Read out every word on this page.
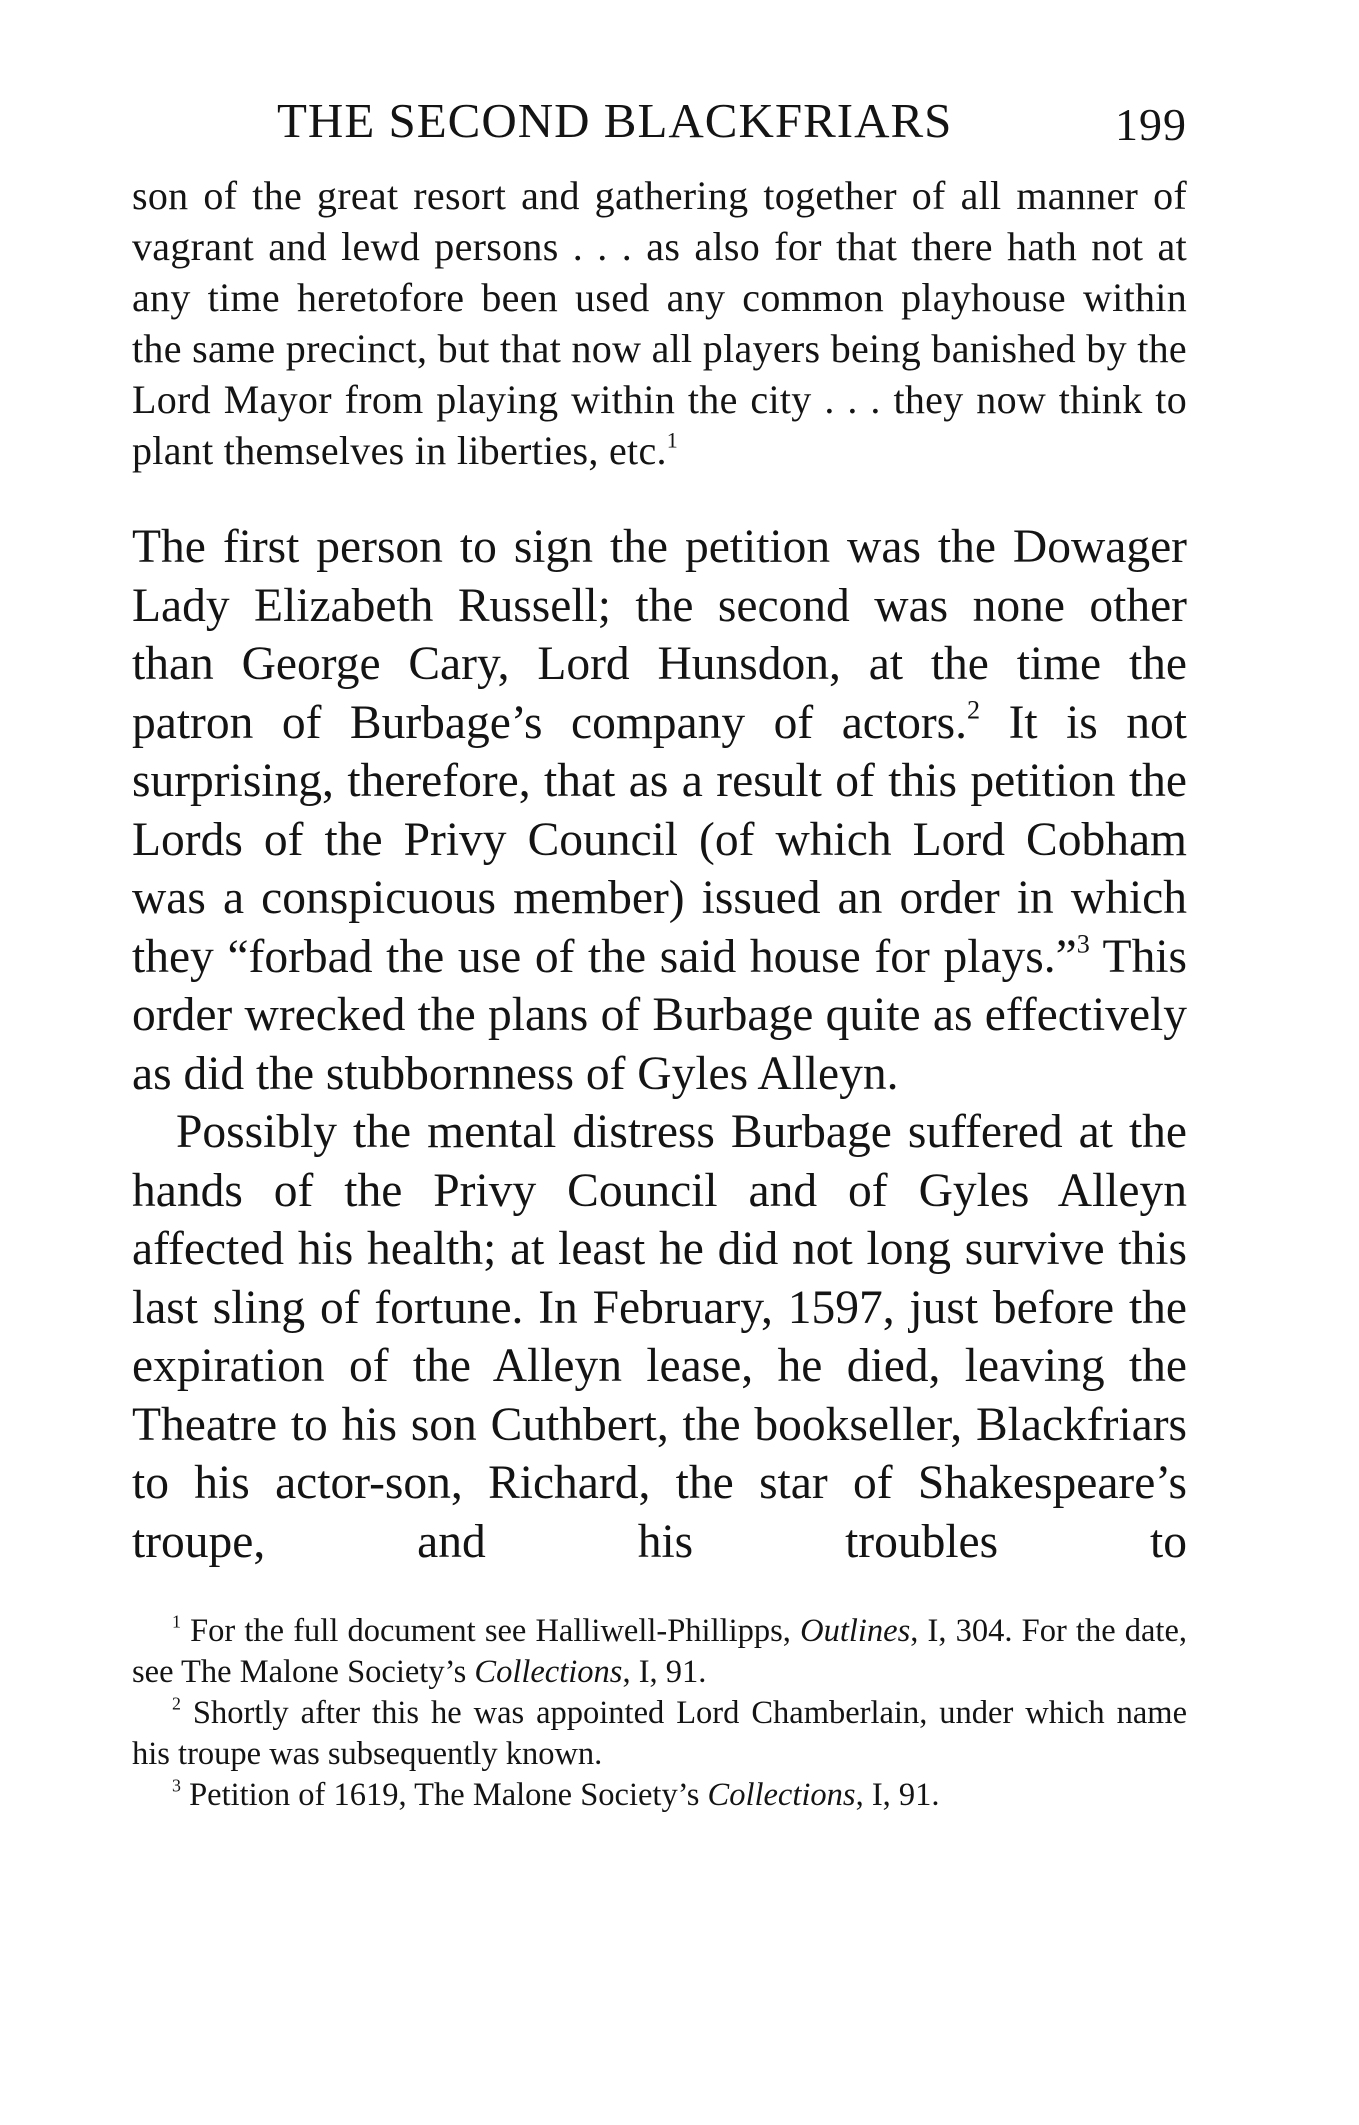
THE SECOND BLACKFRIARS	199
son of the great resort and gathering together of all manner of vagrant and lewd persons . . . as also for that there hath not at any time heretofore been used any common playhouse within the same precinct, but that now all players being banished by the Lord Mayor from playing within the city . . . they now think to plant themselves in liberties, etc.$^1$

The first person to sign the petition was the Dowager Lady Elizabeth Russell; the second was none other than George Cary, Lord Hunsdon, at the time the patron of Burbage’s company of actors.$^2$ It is not surprising, therefore, that as a result of this petition the Lords of the Privy Council (of which Lord Cobham was a conspicuous member) issued an order in which they “forbad the use of the said house for plays.”$^3$ This order wrecked the plans of Burbage quite as effectively as did the stubbornness of Gyles Alleyn.

Possibly the mental distress Burbage suffered at the hands of the Privy Council and of Gyles Alleyn affected his health; at least he did not long survive this last sling of fortune. In February, 1597, just before the expiration of the Alleyn lease, he died, leaving the Theatre to his son Cuthbert, the bookseller, Blackfriars to his actor-son, Richard, the star of Shakespeare’s troupe, and his troubles to

$^1$ For the full document see Halliwell-Phillipps, Outlines, I, 304. For the date, see The Malone Society’s Collections, I, 91.

$^2$ Shortly after this he was appointed Lord Chamberlain, under which name his troupe was subsequently known.

$^3$ Petition of 1619, The Malone Society’s Collections, I, 91.
